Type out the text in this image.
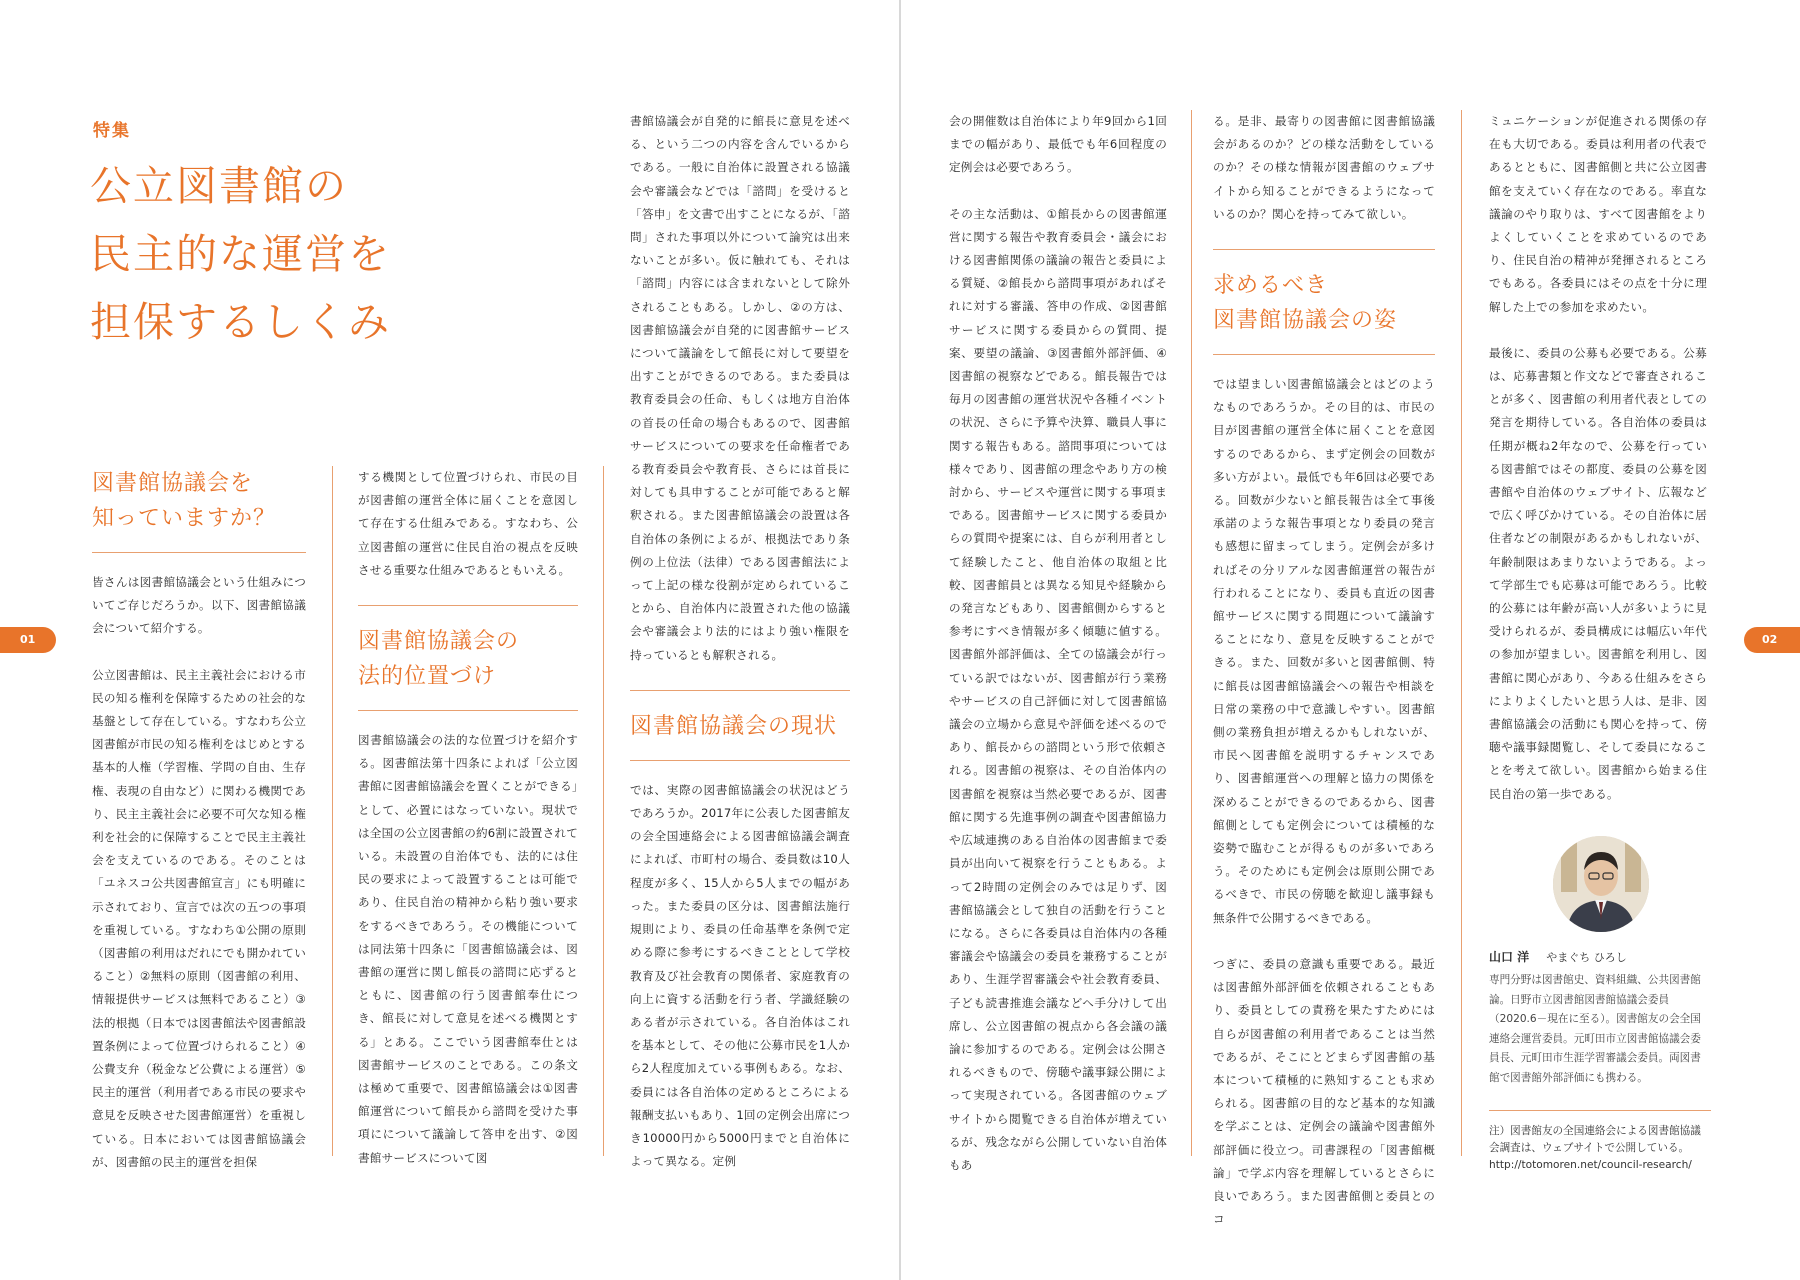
特集
公立図書館の
民主的な運営を
担保するしくみ
01
図書館協議会を
知っていますか？

皆さんは図書館協議会という仕組みについてご存じだろうか。以下、図書館協議会について紹介する。

公立図書館は、民主主義社会における市民の知る権利を保障するための社会的な基盤として存在している。すなわち公立図書館が市民の知る権利をはじめとする基本的人権（学習権、学問の自由、生存権、表現の自由など）に関わる機関であり、民主主義社会に必要不可欠な知る権利を社会的に保障することで民主主義社会を支えているのである。そのことは「ユネスコ公共図書館宣言」にも明確に示されており、宣言では次の五つの事項を重視している。すなわち①公開の原則（図書館の利用はだれにでも開かれていること）②無料の原則（図書館の利用、情報提供サービスは無料であること）③法的根拠（日本では図書館法や図書館設置条例によって位置づけられること）④公費支弁（税金など公費による運営）⑤民主的運営（利用者である市民の要求や意見を反映させた図書館運営）を重視している。日本においては図書館協議会が、図書館の民主的運営を担保

する機関として位置づけられ、市民の目が図書館の運営全体に届くことを意図して存在する仕組みである。すなわち、公立図書館の運営に住民自治の視点を反映させる重要な仕組みであるともいえる。

図書館協議会の
法的位置づけ

図書館協議会の法的な位置づけを紹介する。図書館法第十四条によれば「公立図書館に図書館協議会を置くことができる」として、必置にはなっていない。現状では全国の公立図書館の約6割に設置されている。未設置の自治体でも、法的には住民の要求によって設置することは可能であり、住民自治の精神から粘り強い要求をするべきであろう。その機能については同法第十四条に「図書館協議会は、図書館の運営に関し館長の諮問に応ずるとともに、図書館の行う図書館奉仕につき、館長に対して意見を述べる機関とする」とある。ここでいう図書館奉仕とは図書館サービスのことである。この条文は極めて重要で、図書館協議会は①図書館運営について館長から諮問を受けた事項にについて議論して答申を出す、②図書館サービスについて図

書館協議会が自発的に館長に意見を述べる、という二つの内容を含んでいるからである。一般に自治体に設置される協議会や審議会などでは「諮問」を受けると「答申」を文書で出すことになるが、「諮問」された事項以外について論究は出来ないことが多い。仮に触れても、それは「諮問」内容には含まれないとして除外されることもある。しかし、②の方は、図書館協議会が自発的に図書館サービスについて議論をして館長に対して要望を出すことができるのである。また委員は教育委員会の任命、もしくは地方自治体の首長の任命の場合もあるので、図書館サービスについての要求を任命権者である教育委員会や教育長、さらには首長に対しても具申することが可能であると解釈される。また図書館協議会の設置は各自治体の条例によるが、根拠法であり条例の上位法（法律）である図書館法によって上記の様な役割が定められていることから、自治体内に設置された他の協議会や審議会より法的にはより強い権限を持っているとも解釈される。

図書館協議会の現状

では、実際の図書館協議会の状況はどうであろうか。2017年に公表した図書館友の会全国連絡会による図書館協議会調査によれば、市町村の場合、委員数は10人程度が多く、15人から5人までの幅があった。また委員の区分は、図書館法施行規則により、委員の任命基準を条例で定める際に参考にするべきこととして学校教育及び社会教育の関係者、家庭教育の向上に資する活動を行う者、学識経験のある者が示されている。各自治体はこれを基本として、その他に公募市民を1人から2人程度加えている事例もある。なお、委員には各自治体の定めるところによる報酬支払いもあり、1回の定例会出席につき10000円から5000円までと自治体によって異なる。定例

会の開催数は自治体により年9回から1回までの幅があり、最低でも年6回程度の定例会は必要であろう。

その主な活動は、①館長からの図書館運営に関する報告や教育委員会・議会における図書館関係の議論の報告と委員による質疑、②館長から諮問事項があればそれに対する審議、答申の作成、②図書館サービスに関する委員からの質問、提案、要望の議論、③図書館外部評価、④図書館の視察などである。館長報告では毎月の図書館の運営状況や各種イベントの状況、さらに予算や決算、職員人事に関する報告もある。諮問事項については様々であり、図書館の理念やあり方の検討から、サービスや運営に関する事項まである。図書館サービスに関する委員からの質問や提案には、自らが利用者として経験したこと、他自治体の取組と比較、図書館員とは異なる知見や経験からの発言などもあり、図書館側からすると参考にすべき情報が多く傾聴に値する。図書館外部評価は、全ての協議会が行っている訳ではないが、図書館が行う業務やサービスの自己評価に対して図書館協議会の立場から意見や評価を述べるのであり、館長からの諮問という形で依頼される。図書館の視察は、その自治体内の図書館を視察は当然必要であるが、図書館に関する先進事例の調査や図書館協力や広域連携のある自治体の図書館まで委員が出向いて視察を行うこともある。よって2時間の定例会のみでは足りず、図書館協議会として独自の活動を行うことになる。さらに各委員は自治体内の各種審議会や協議会の委員を兼務することがあり、生涯学習審議会や社会教育委員、子ども読書推進会議などへ手分けして出席し、公立図書館の視点から各会議の議論に参加するのである。定例会は公開されるべきもので、傍聴や議事録公開によって実現されている。各図書館のウェブサイトから閲覧できる自治体が増えているが、残念ながら公開していない自治体もあ

る。是非、最寄りの図書館に図書館協議会があるのか？どの様な活動をしているのか？その様な情報が図書館のウェブサイトから知ることができるようになっているのか？関心を持ってみて欲しい。

求めるべき
図書館協議会の姿

では望ましい図書館協議会とはどのようなものであろうか。その目的は、市民の目が図書館の運営全体に届くことを意図するのであるから、まず定例会の回数が多い方がよい。最低でも年6回は必要である。回数が少ないと館長報告は全て事後承諾のような報告事項となり委員の発言も感想に留まってしまう。定例会が多ければその分リアルな図書館運営の報告が行われることになり、委員も直近の図書館サービスに関する問題について議論することになり、意見を反映することができる。また、回数が多いと図書館側、特に館長は図書館協議会への報告や相談を日常の業務の中で意識しやすい。図書館側の業務負担が増えるかもしれないが、市民へ図書館を説明するチャンスであり、図書館運営への理解と協力の関係を深めることができるのであるから、図書館側としても定例会については積極的な姿勢で臨むことが得るものが多いであろう。そのためにも定例会は原則公開であるべきで、市民の傍聴を歓迎し議事録も無条件で公開するべきである。

つぎに、委員の意識も重要である。最近は図書館外部評価を依頼されることもあり、委員としての責務を果たすためには自らが図書館の利用者であることは当然であるが、そこにとどまらず図書館の基本について積極的に熟知することも求められる。図書館の目的など基本的な知識を学ぶことは、定例会の議論や図書館外部評価に役立つ。司書課程の「図書館概論」で学ぶ内容を理解しているとさらに良いであろう。また図書館側と委員とのコ

ミュニケーションが促進される関係の存在も大切である。委員は利用者の代表であるとともに、図書館側と共に公立図書館を支えていく存在なのである。率直な議論のやり取りは、すべて図書館をよりよくしていくことを求めているのであり、住民自治の精神が発揮されるところでもある。各委員にはその点を十分に理解した上での参加を求めたい。

最後に、委員の公募も必要である。公募は、応募書類と作文などで審査されることが多く、図書館の利用者代表としての発言を期待している。各自治体の委員は任期が概ね2年なので、公募を行っている図書館ではその都度、委員の公募を図書館や自治体のウェブサイト、広報などで広く呼びかけている。その自治体に居住者などの制限があるかもしれないが、年齢制限はあまりないようである。よって学部生でも応募は可能であろう。比較的公募には年齢が高い人が多いように見受けられるが、委員構成には幅広い年代の参加が望ましい。図書館を利用し、図書館に関心があり、今ある仕組みをさらによりよくしたいと思う人は、是非、図書館協議会の活動にも関心を持って、傍聴や議事録閲覧し、そして委員になることを考えて欲しい。図書館から始まる住民自治の第一歩である。

山口 洋 やまぐち ひろし
専門分野は図書館史、資料組織、公共図書館論。日野市立図書館図書館協議会委員（2020.6－現在に至る）。図書館友の会全国連絡会運営委員。元町田市立図書館協議会委員長、元町田市生涯学習審議会委員。両図書館で図書館外部評価にも携わる。
注）図書館友の全国連絡会による図書館協議会調査は、ウェブサイトで公開している。
http://totomoren.net/council-research/
02
